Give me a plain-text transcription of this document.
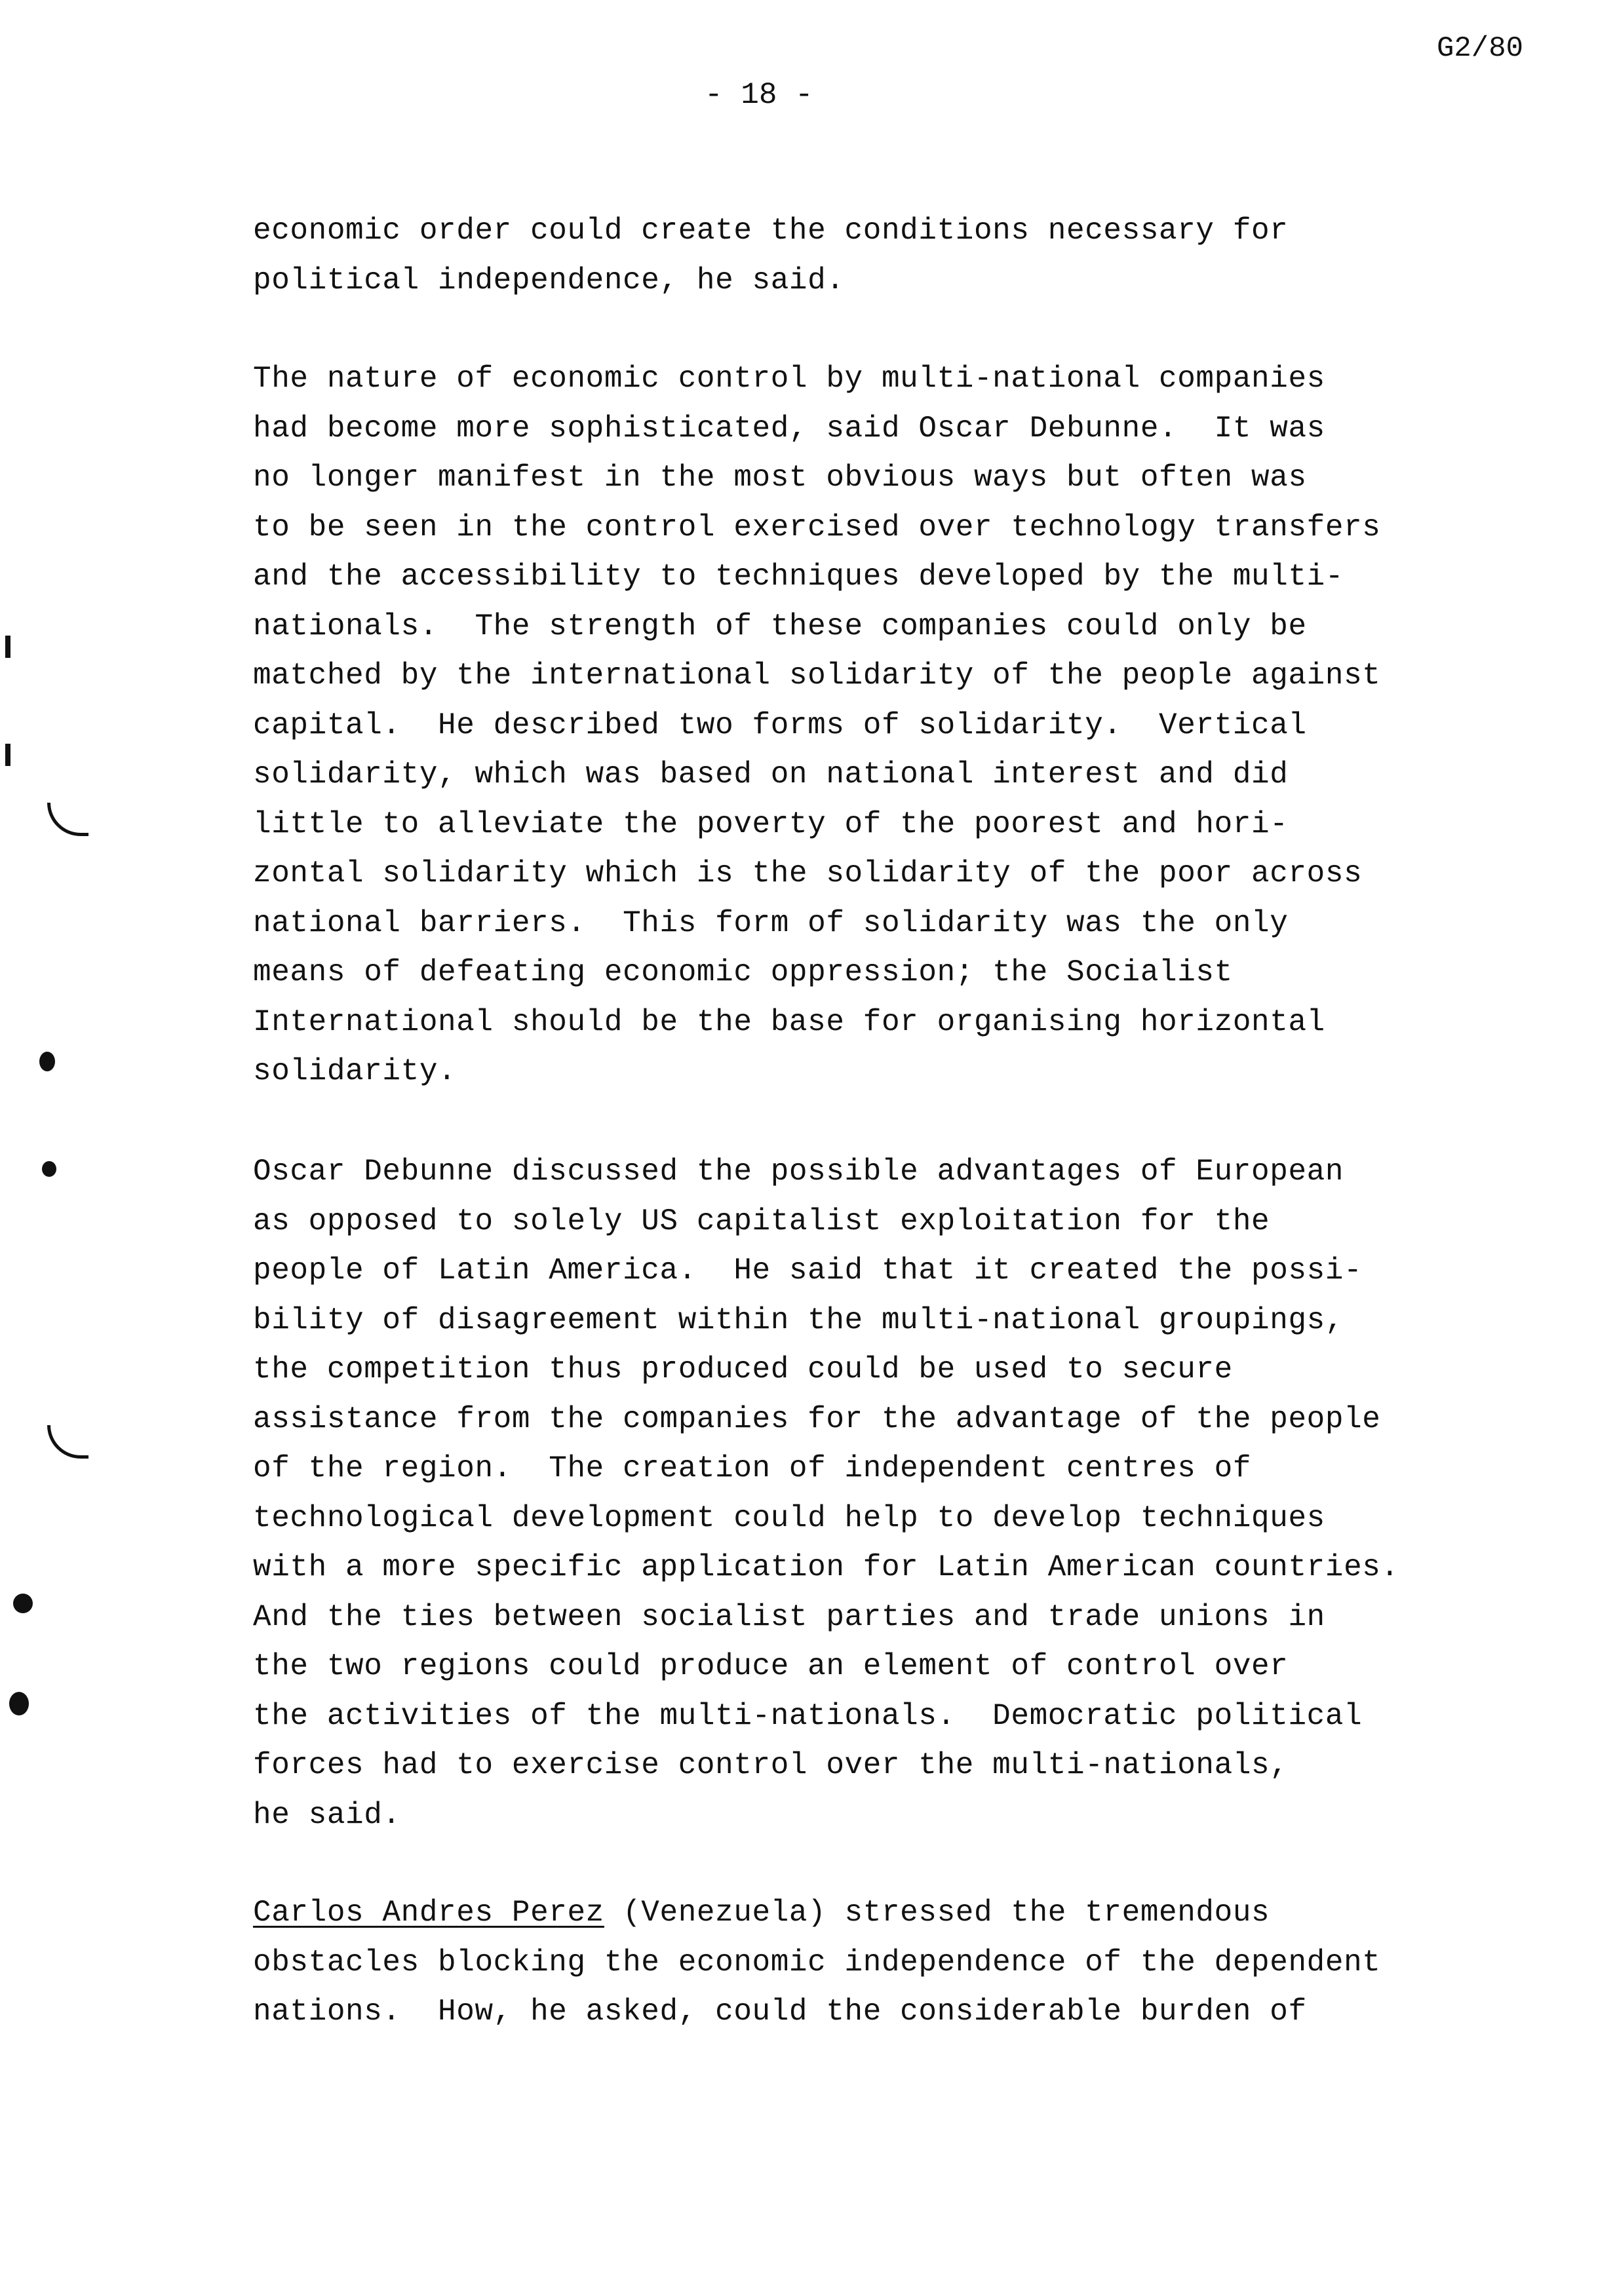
G2/80
- 18 -
economic order could create the conditions necessary for
political independence, he said.
The nature of economic control by multi-national companies
had become more sophisticated, said Oscar Debunne.  It was
no longer manifest in the most obvious ways but often was
to be seen in the control exercised over technology transfers
and the accessibility to techniques developed by the multi-
nationals.  The strength of these companies could only be
matched by the international solidarity of the people against
capital.  He described two forms of solidarity.  Vertical
solidarity, which was based on national interest and did
little to alleviate the poverty of the poorest and hori-
zontal solidarity which is the solidarity of the poor across
national barriers.  This form of solidarity was the only
means of defeating economic oppression; the Socialist
International should be the base for organising horizontal
solidarity.
Oscar Debunne discussed the possible advantages of European
as opposed to solely US capitalist exploitation for the
people of Latin America.  He said that it created the possi-
bility of disagreement within the multi-national groupings,
the competition thus produced could be used to secure
assistance from the companies for the advantage of the people
of the region.  The creation of independent centres of
technological development could help to develop techniques
with a more specific application for Latin American countries.
And the ties between socialist parties and trade unions in
the two regions could produce an element of control over
the activities of the multi-nationals.  Democratic political
forces had to exercise control over the multi-nationals,
he said.
Carlos Andres Perez (Venezuela) stressed the tremendous
obstacles blocking the economic independence of the dependent
nations.  How, he asked, could the considerable burden of
